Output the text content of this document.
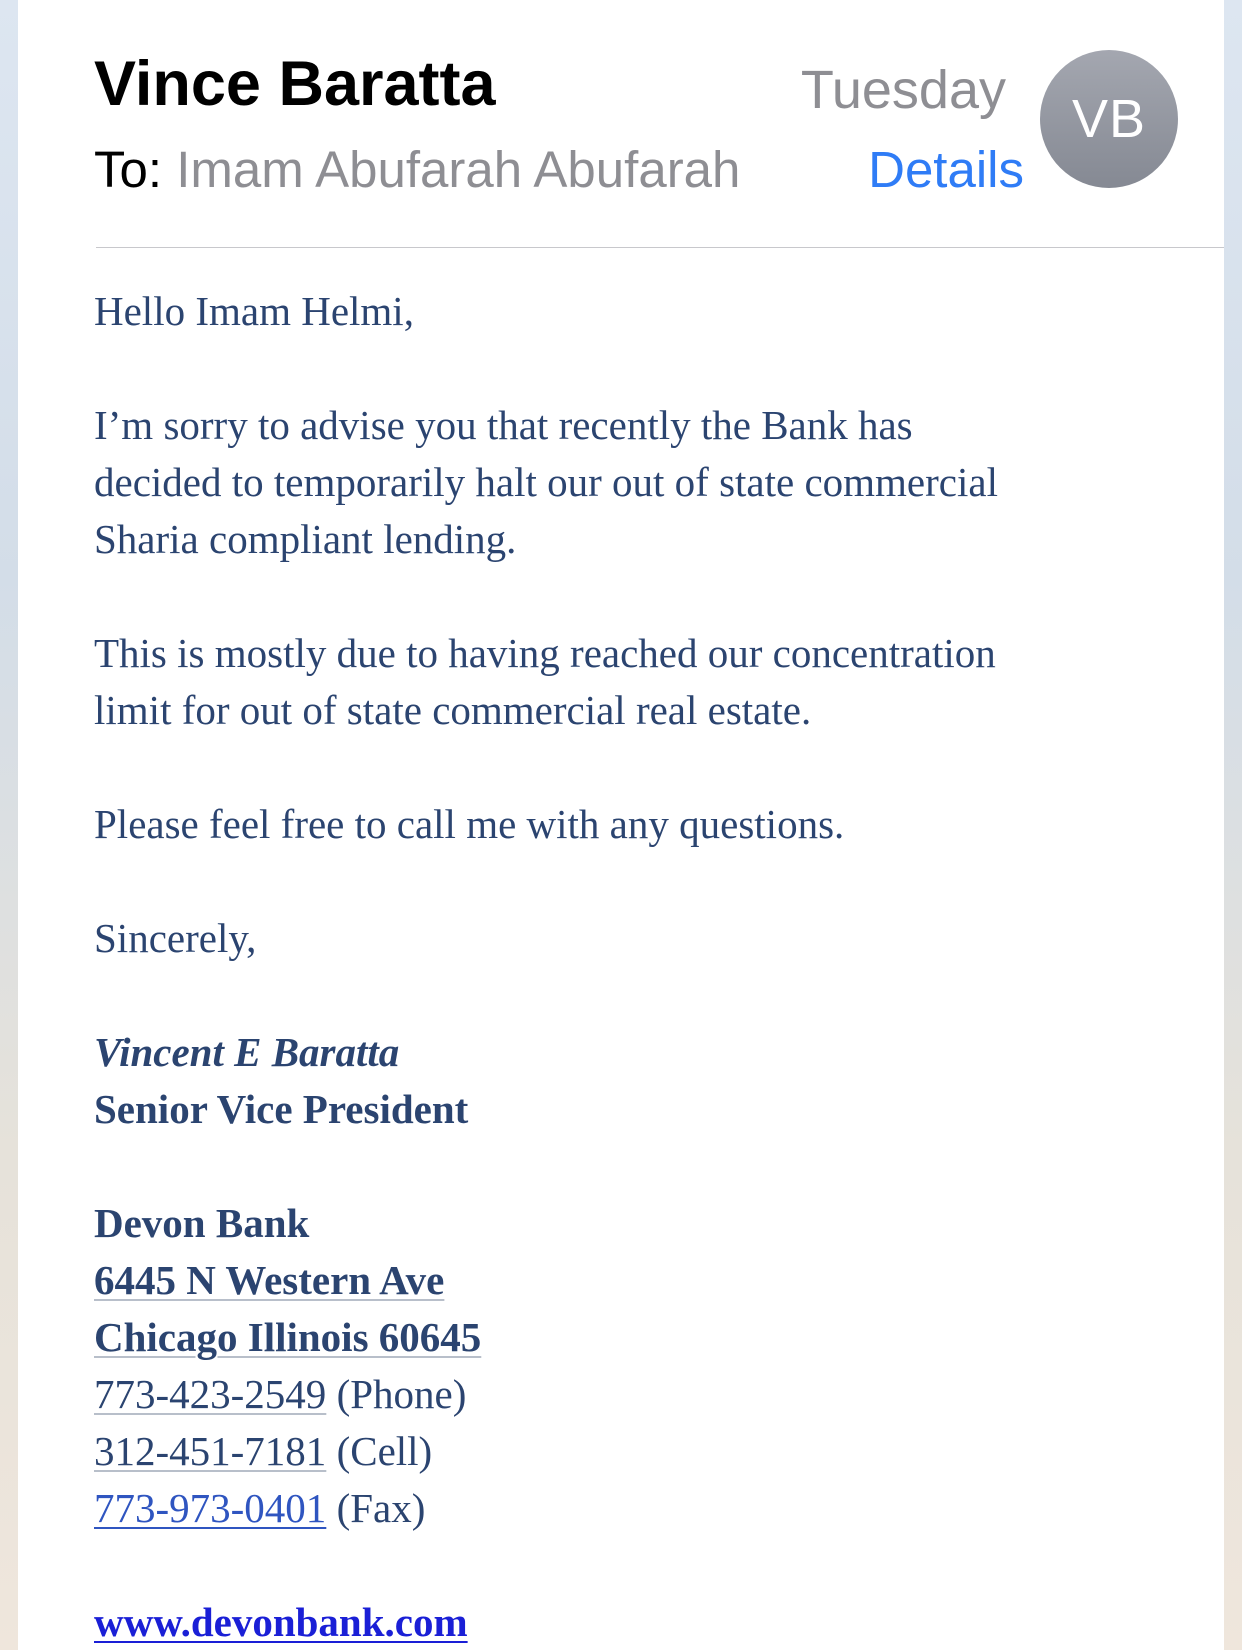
Vince Baratta	Tuesday
To: Imam Abufarah Abufarah	Details
VB

Hello Imam Helmi,

I’m sorry to advise you that recently the Bank has
decided to temporarily halt our out of state commercial
Sharia compliant lending.

This is mostly due to having reached our concentration
limit for out of state commercial real estate.

Please feel free to call me with any questions.

Sincerely,

Vincent E Baratta
Senior Vice President

Devon Bank
6445 N Western Ave
Chicago Illinois 60645
773-423-2549 (Phone)
312-451-7181 (Cell)
773-973-0401 (Fax)

www.devonbank.com
